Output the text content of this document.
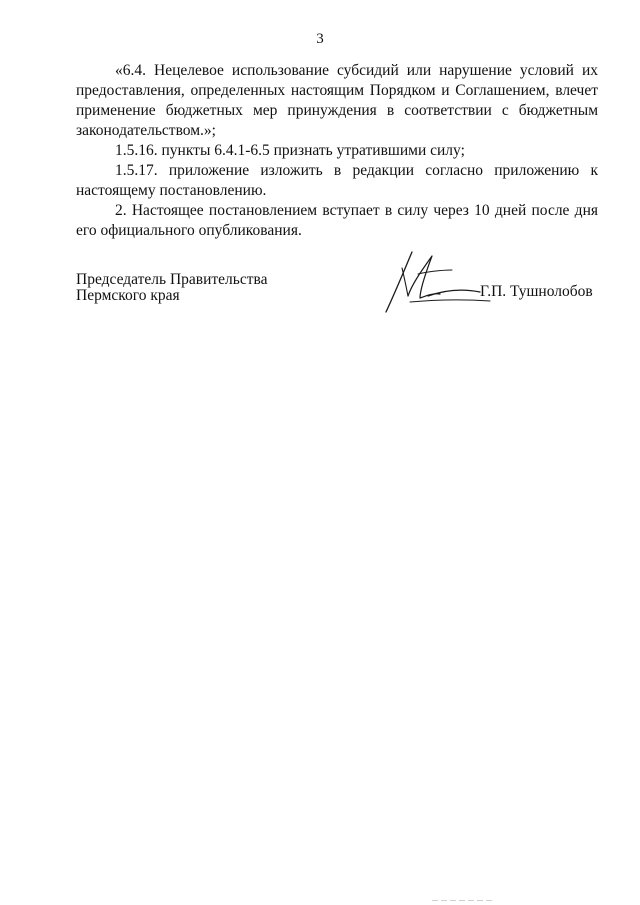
3

«6.4. Нецелевое использование субсидий или нарушение условий их предоставления, определенных настоящим Порядком и Соглашением, влечет применение бюджетных мер принуждения в соответствии с бюджетным законодательством.»;

1.5.16. пункты 6.4.1-6.5 признать утратившими силу;

1.5.17. приложение изложить в редакции согласно приложению к настоящему постановлению.

2. Настоящее постановлением вступает в силу через 10 дней после дня его официального опубликования.

Председатель Правительства
Пермского края	Г.П. Тушнолобов
